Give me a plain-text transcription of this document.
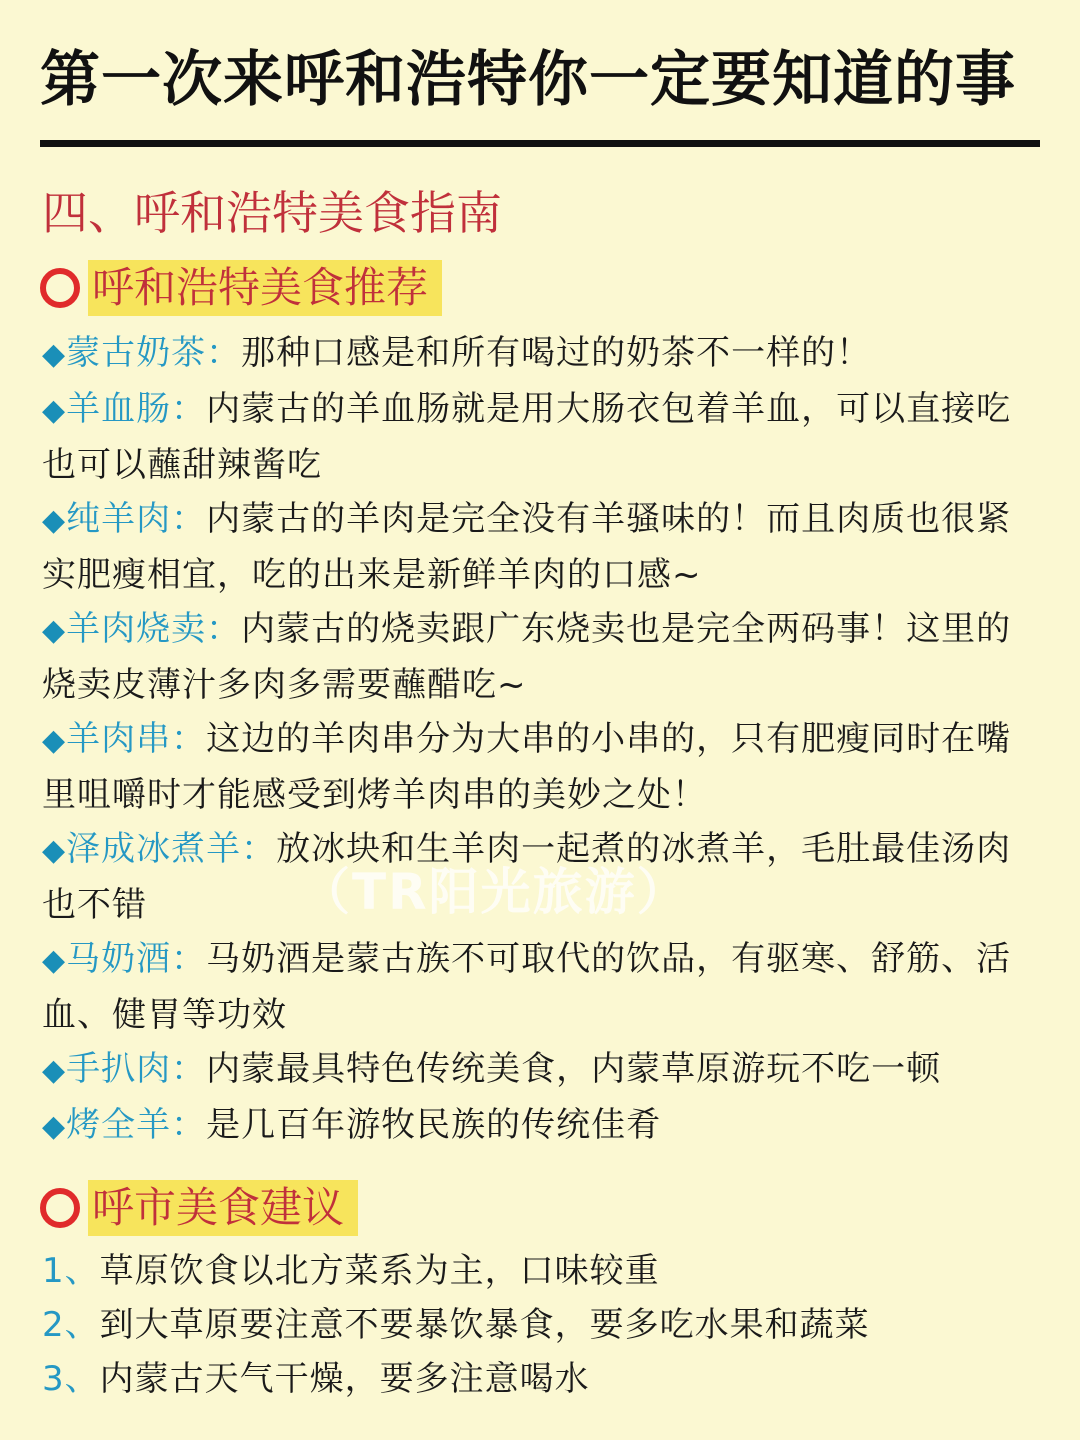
第一次来呼和浩特你一定要知道的事
四、呼和浩特美食指南
呼和浩特美食推荐

◆蒙古奶茶：那种口感是和所有喝过的奶茶不一样的！

◆羊血肠：内蒙古的羊血肠就是用大肠衣包着羊血，可以直接吃也可以蘸甜辣酱吃

◆纯羊肉：内蒙古的羊肉是完全没有羊骚味的！而且肉质也很紧实肥瘦相宜，吃的出来是新鲜羊肉的口感~

◆羊肉烧卖：内蒙古的烧卖跟广东烧卖也是完全两码事！这里的烧卖皮薄汁多肉多需要蘸醋吃~

◆羊肉串：这边的羊肉串分为大串的小串的，只有肥瘦同时在嘴里咀嚼时才能感受到烤羊肉串的美妙之处！

◆泽成冰煮羊：放冰块和生羊肉一起煮的冰煮羊，毛肚最佳汤肉也不错

◆马奶酒：马奶酒是蒙古族不可取代的饮品，有驱寒、舒筋、活血、健胃等功效

◆手扒肉：内蒙最具特色传统美食，内蒙草原游玩不吃一顿

◆烤全羊：是几百年游牧民族的传统佳肴

（TR阳光旅游）
呼市美食建议
1、草原饮食以北方菜系为主，口味较重
2、到大草原要注意不要暴饮暴食，要多吃水果和蔬菜
3、内蒙古天气干燥，要多注意喝水
